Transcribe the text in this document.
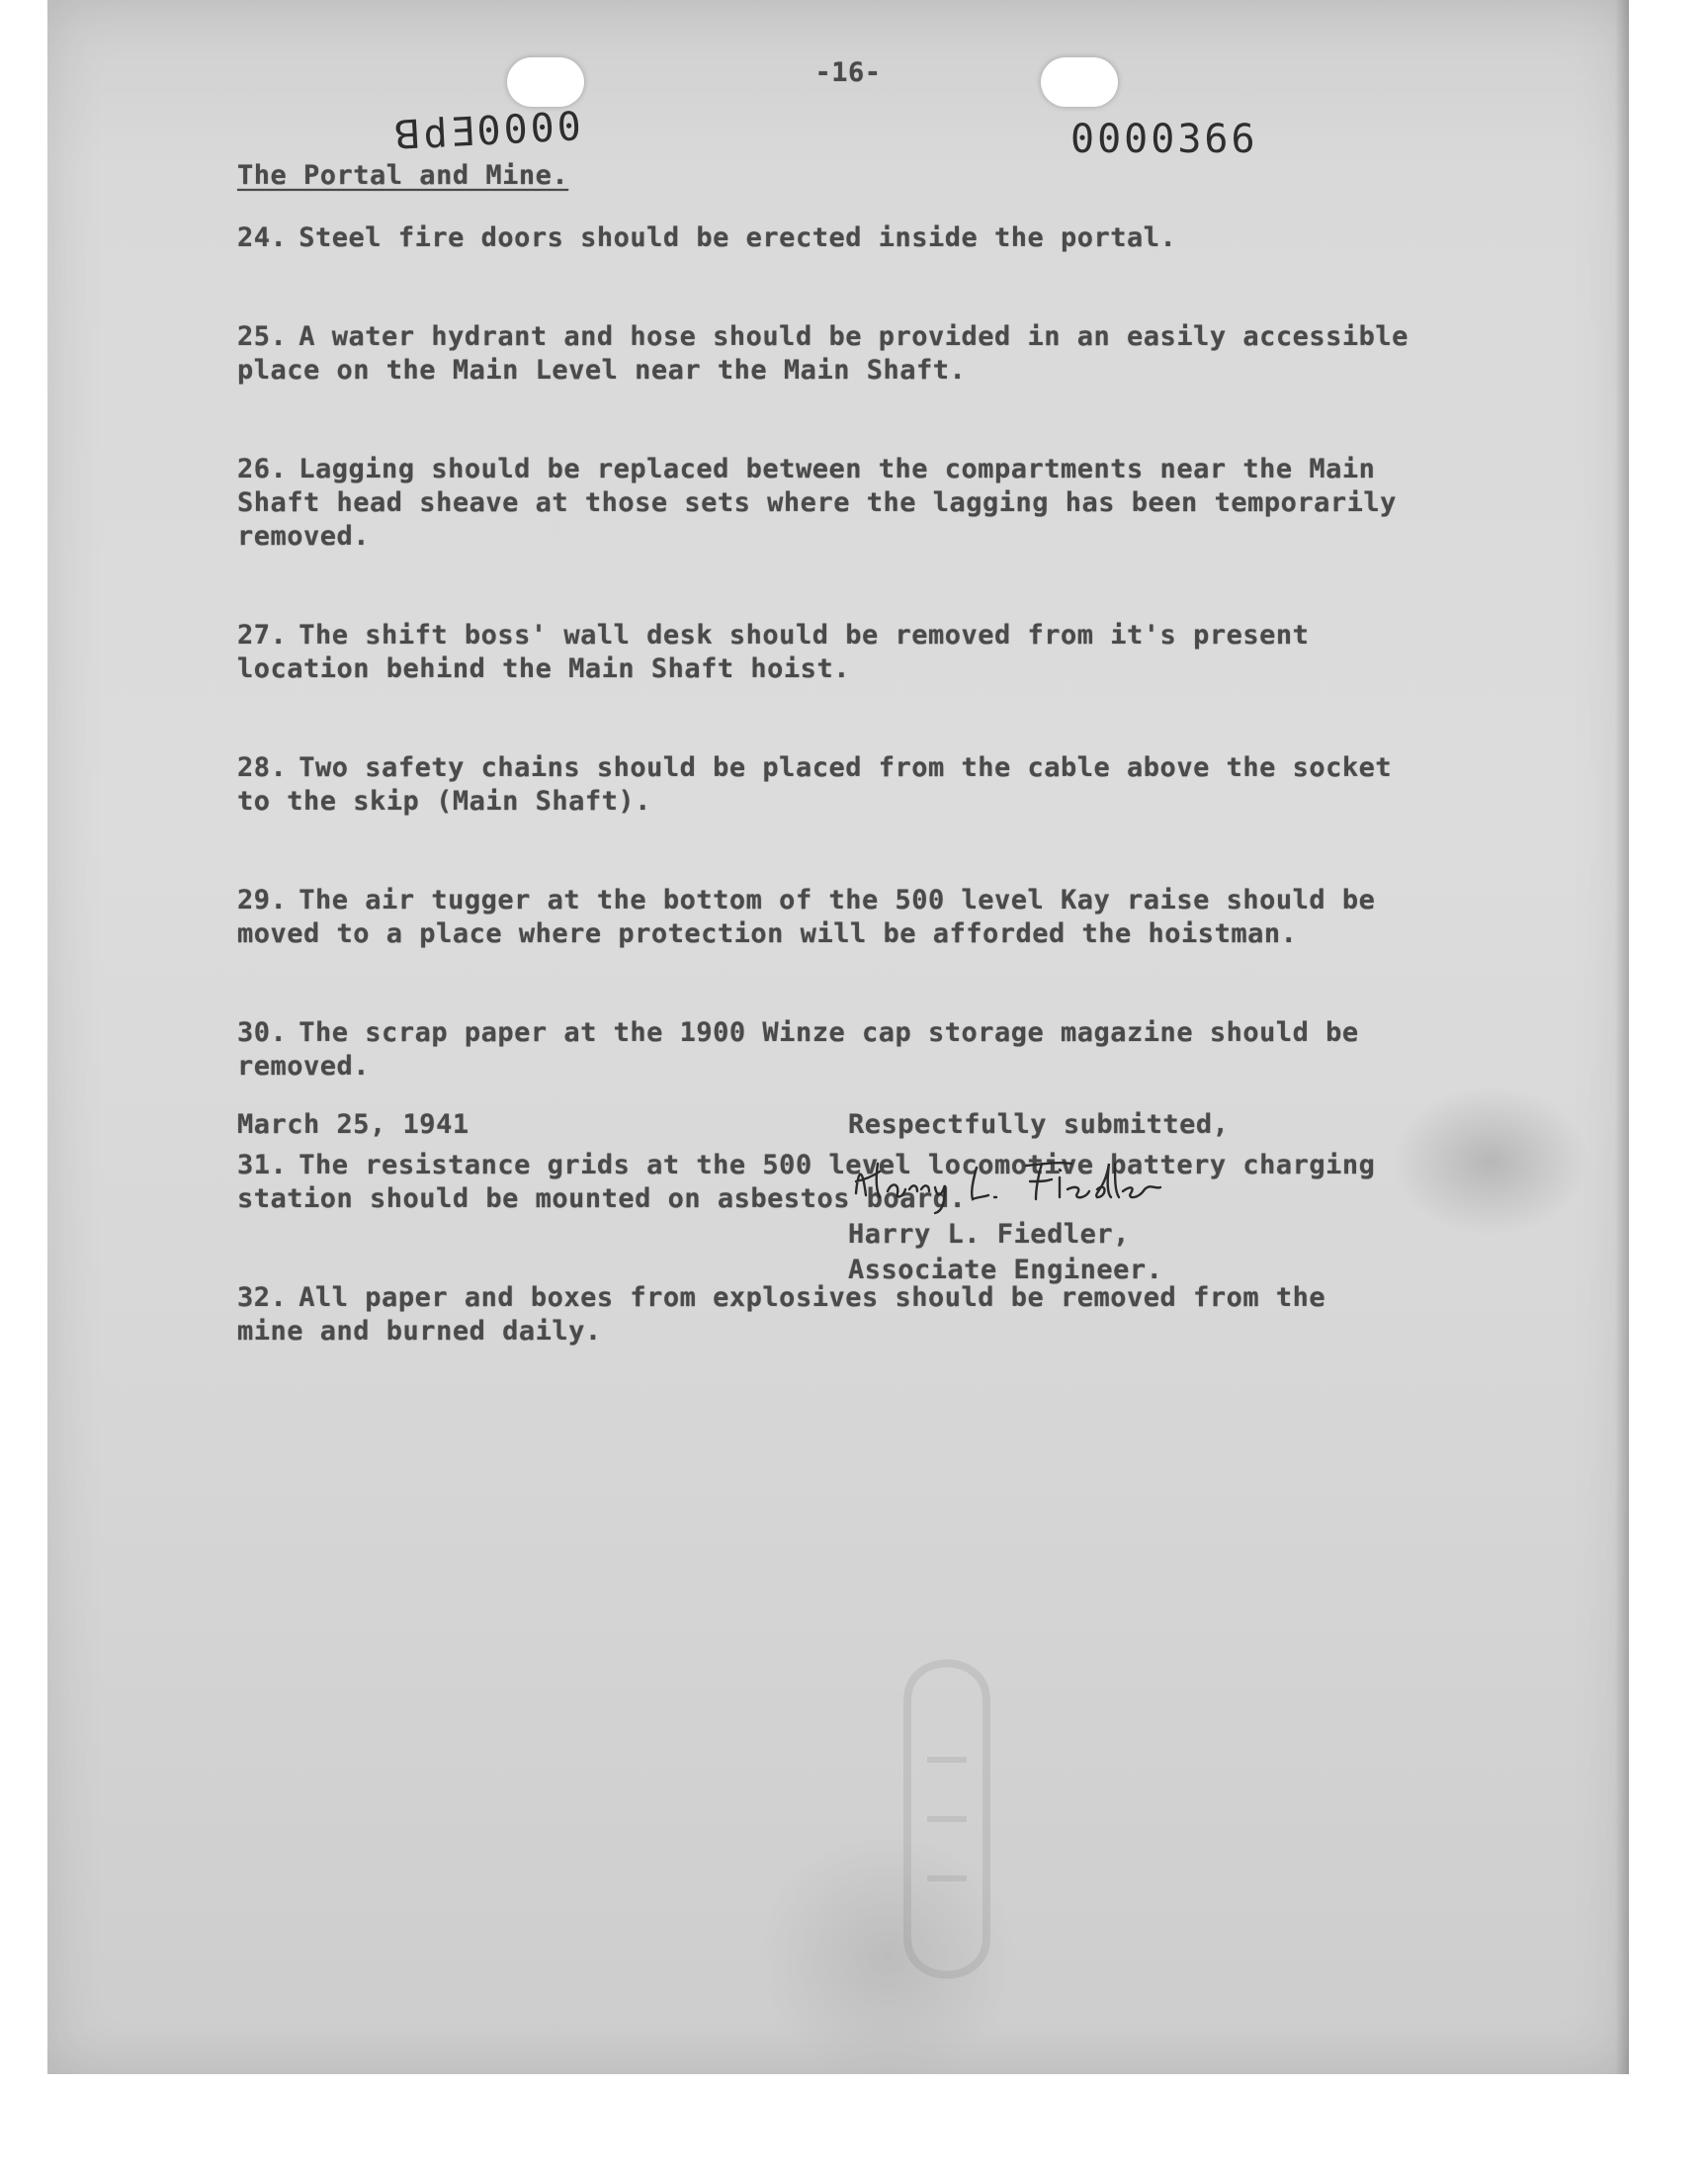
-16-
ꓭdƎ0000	0000366
The Portal and Mine.
24. Steel fire doors should be erected inside the portal.
25. A water hydrant and hose should be provided in an easily accessible
place on the Main Level near the Main Shaft.
26. Lagging should be replaced between the compartments near the Main
Shaft head sheave at those sets where the lagging has been temporarily
removed.
27. The shift boss' wall desk should be removed from it's present
location behind the Main Shaft hoist.
28. Two safety chains should be placed from the cable above the socket
to the skip (Main Shaft).
29. The air tugger at the bottom of the 500 level Kay raise should be
moved to a place where protection will be afforded the hoistman.
30. The scrap paper at the 1900 Winze cap storage magazine should be
removed.
31. The resistance grids at the 500 level locomotive battery charging
station should be mounted on asbestos board.
32. All paper and boxes from explosives should be removed from the
mine and burned daily.
March 25, 1941	Respectfully submitted,
Harry L. Fiedler,
Associate Engineer.
